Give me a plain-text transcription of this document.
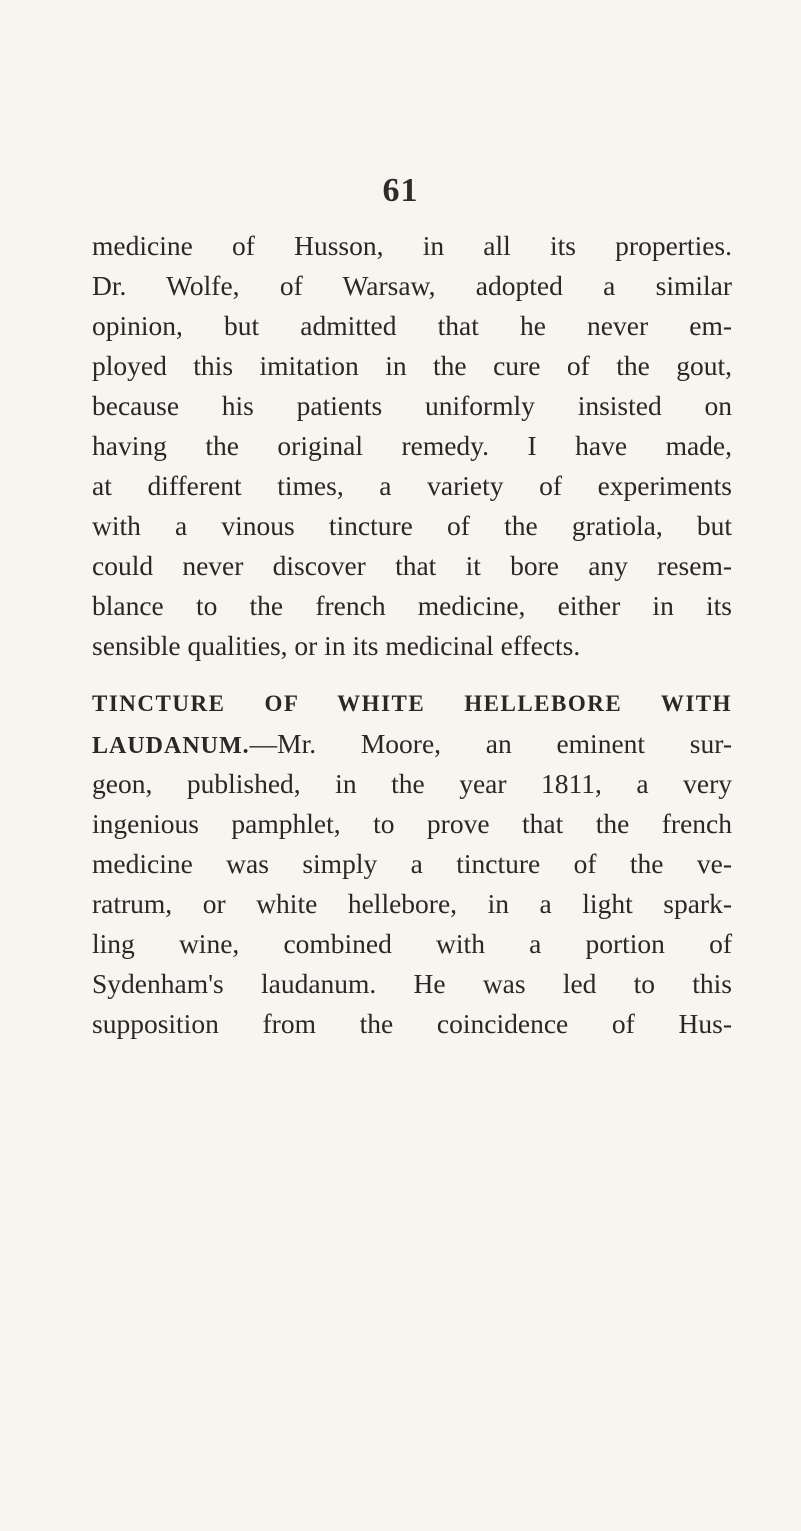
61
medicine of Husson, in all its properties.
Dr. Wolfe, of Warsaw, adopted a similar
opinion, but admitted that he never em-
ployed this imitation in the cure of the gout,
because his patients uniformly insisted on
having the original remedy. I have made,
at different times, a variety of experiments
with a vinous tincture of the gratiola, but
could never discover that it bore any resem-
blance to the french medicine, either in its
sensible qualities, or in its medicinal effects.
TINCTURE OF WHITE HELLEBORE WITH
LAUDANUM.—Mr. Moore, an eminent sur-
geon, published, in the year 1811, a very
ingenious pamphlet, to prove that the french
medicine was simply a tincture of the ve-
ratrum, or white hellebore, in a light spark-
ling wine, combined with a portion of
Sydenham's laudanum. He was led to this
supposition from the coincidence of Hus-
